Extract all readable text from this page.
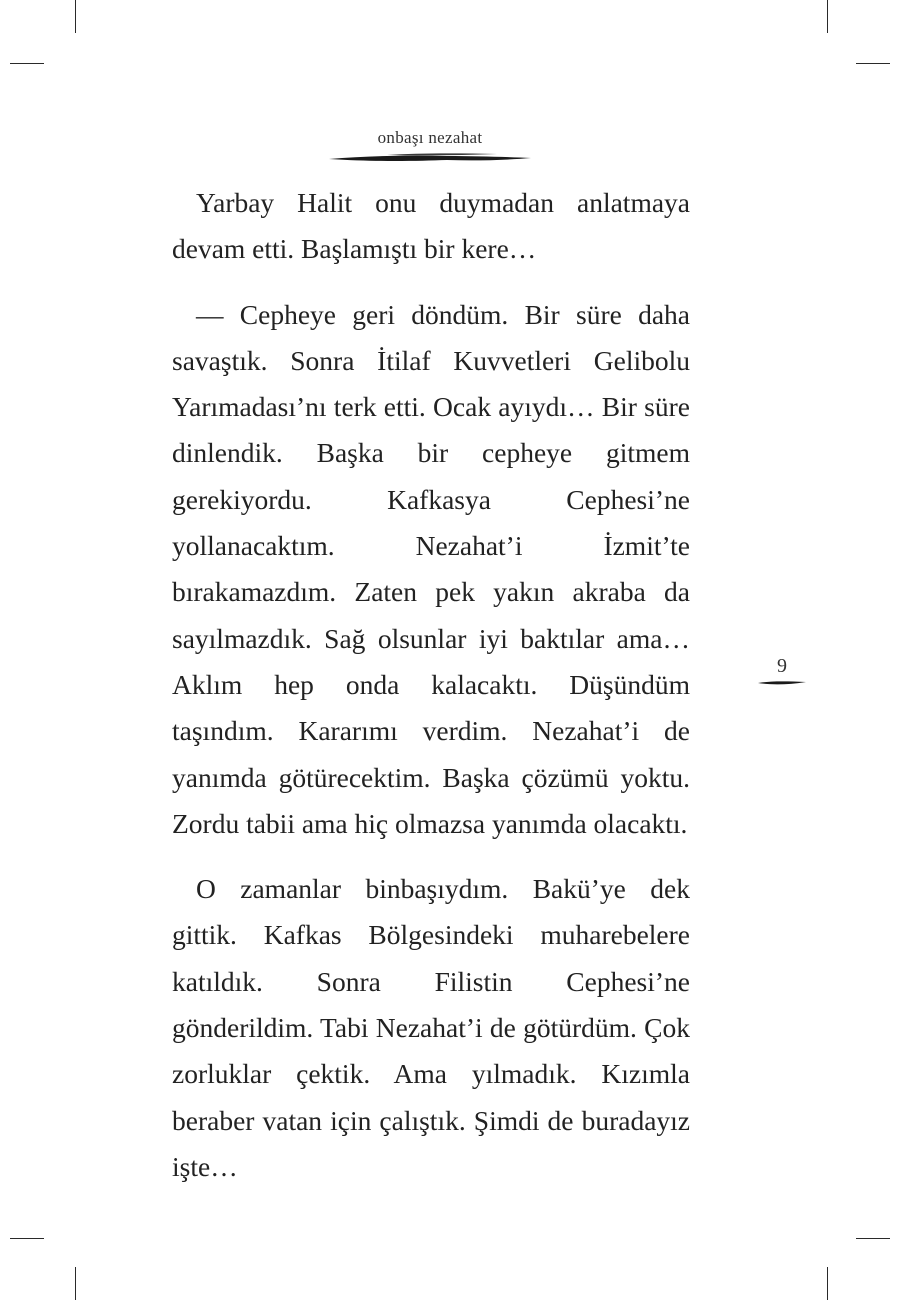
onbaşı nezahat

Yarbay Halit onu duymadan anlatmaya devam etti. Başlamıştı bir kere…

— Cepheye geri döndüm. Bir süre daha savaştık. Sonra İtilaf Kuvvetleri Gelibolu Yarımadası’nı terk etti. Ocak ayıydı… Bir süre dinlendik. Başka bir cepheye gitmem gerekiyordu. Kafkasya Cephesi’ne yollanacaktım. Nezahat’i İzmit’te bırakamazdım. Zaten pek yakın akraba da sayılmazdık. Sağ olsunlar iyi baktılar ama… Aklım hep onda kalacaktı. Düşündüm taşındım. Kararımı verdim. Nezahat’i de yanımda götürecektim. Başka çözümü yoktu. Zordu tabii ama hiç olmazsa yanımda olacaktı.

O zamanlar binbaşıydım. Bakü’ye dek gittik. Kafkas Bölgesindeki muharebelere katıldık. Sonra Filistin Cephesi’ne gönderildim. Tabi Nezahat’i de götürdüm. Çok zorluklar çektik. Ama yılmadık. Kızımla beraber vatan için çalıştık. Şimdi de buradayız işte…

9
